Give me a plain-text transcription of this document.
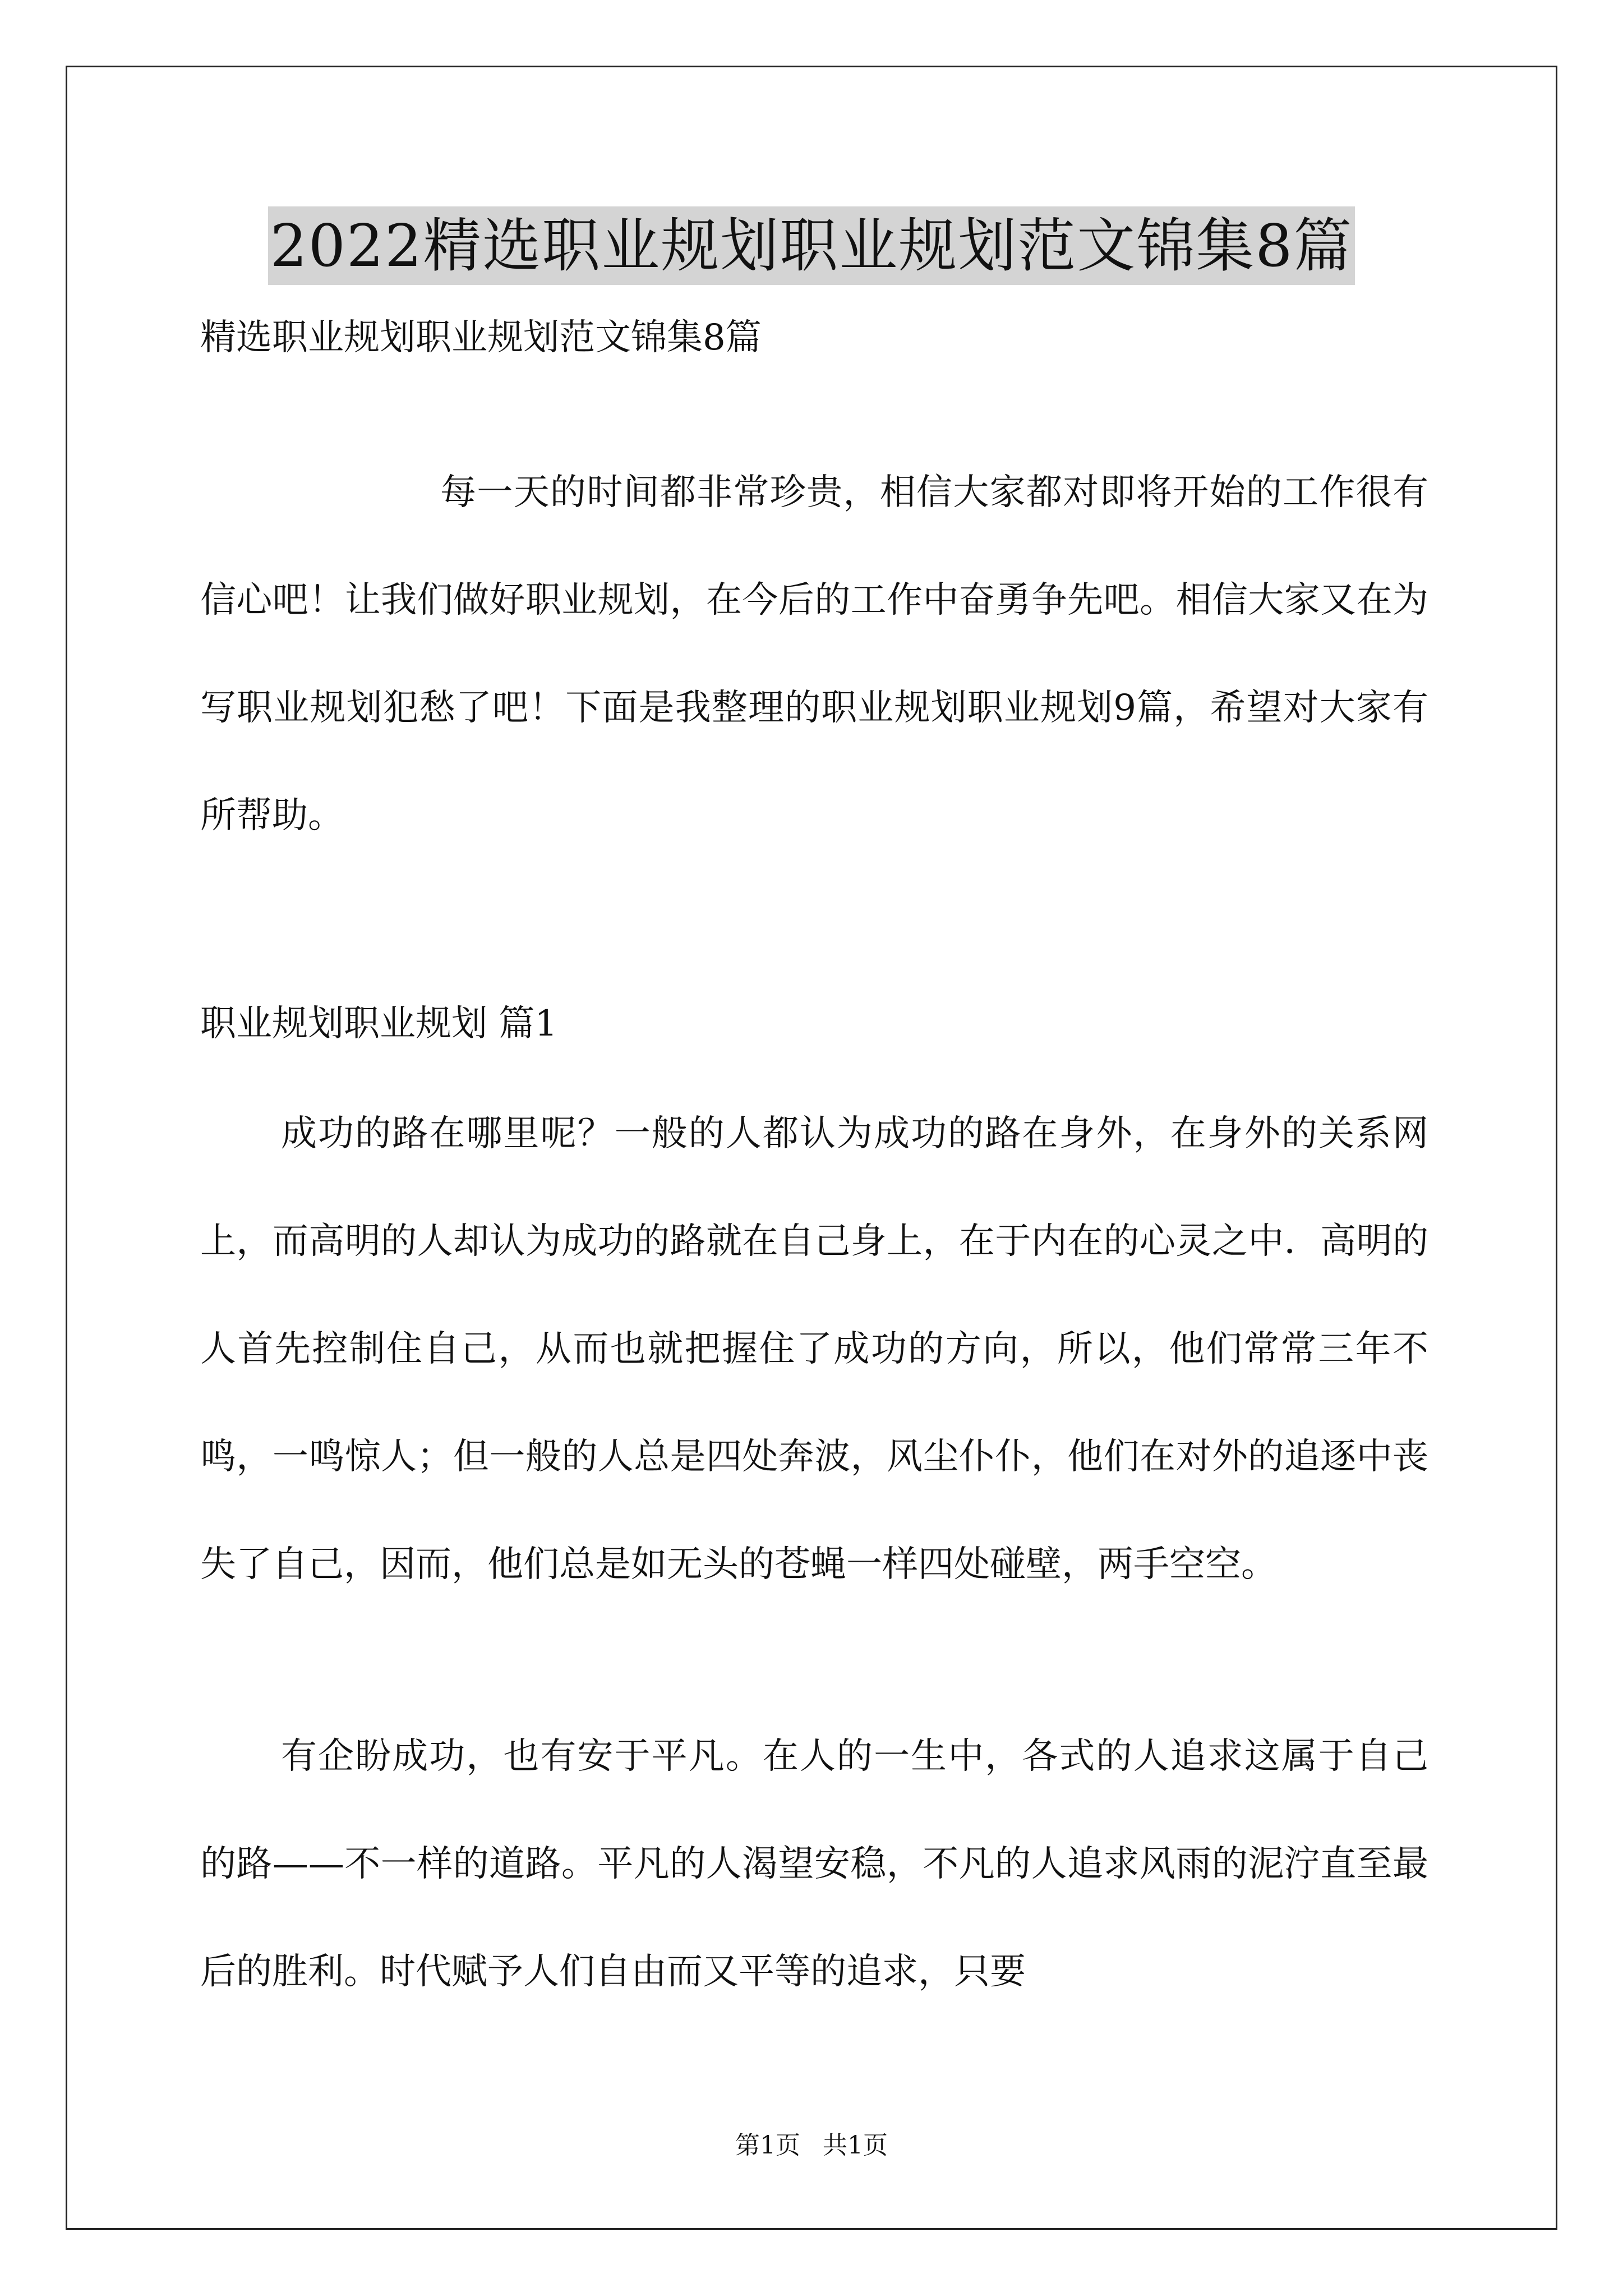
2022精选职业规划职业规划范文锦集8篇

精选职业规划职业规划范文锦集8篇

每一天的时间都非常珍贵，相信大家都对即将开始的工作很有信心吧！让我们做好职业规划，在今后的工作中奋勇争先吧。相信大家又在为写职业规划犯愁了吧！下面是我整理的职业规划职业规划9篇，希望对大家有所帮助。

职业规划职业规划 篇1

成功的路在哪里呢？一般的人都认为成功的路在身外，在身外的关系网上，而高明的人却认为成功的路就在自己身上，在于内在的心灵之中．高明的人首先控制住自己，从而也就把握住了成功的方向，所以，他们常常三年不鸣，一鸣惊人；但一般的人总是四处奔波，风尘仆仆，他们在对外的追逐中丧失了自己，因而，他们总是如无头的苍蝇一样四处碰壁，两手空空。

有企盼成功，也有安于平凡。在人的一生中，各式的人追求这属于自己的路——不一样的道路。平凡的人渴望安稳，不凡的人追求风雨的泥泞直至最后的胜利。时代赋予人们自由而又平等的追求，只要

第1页 共1页
